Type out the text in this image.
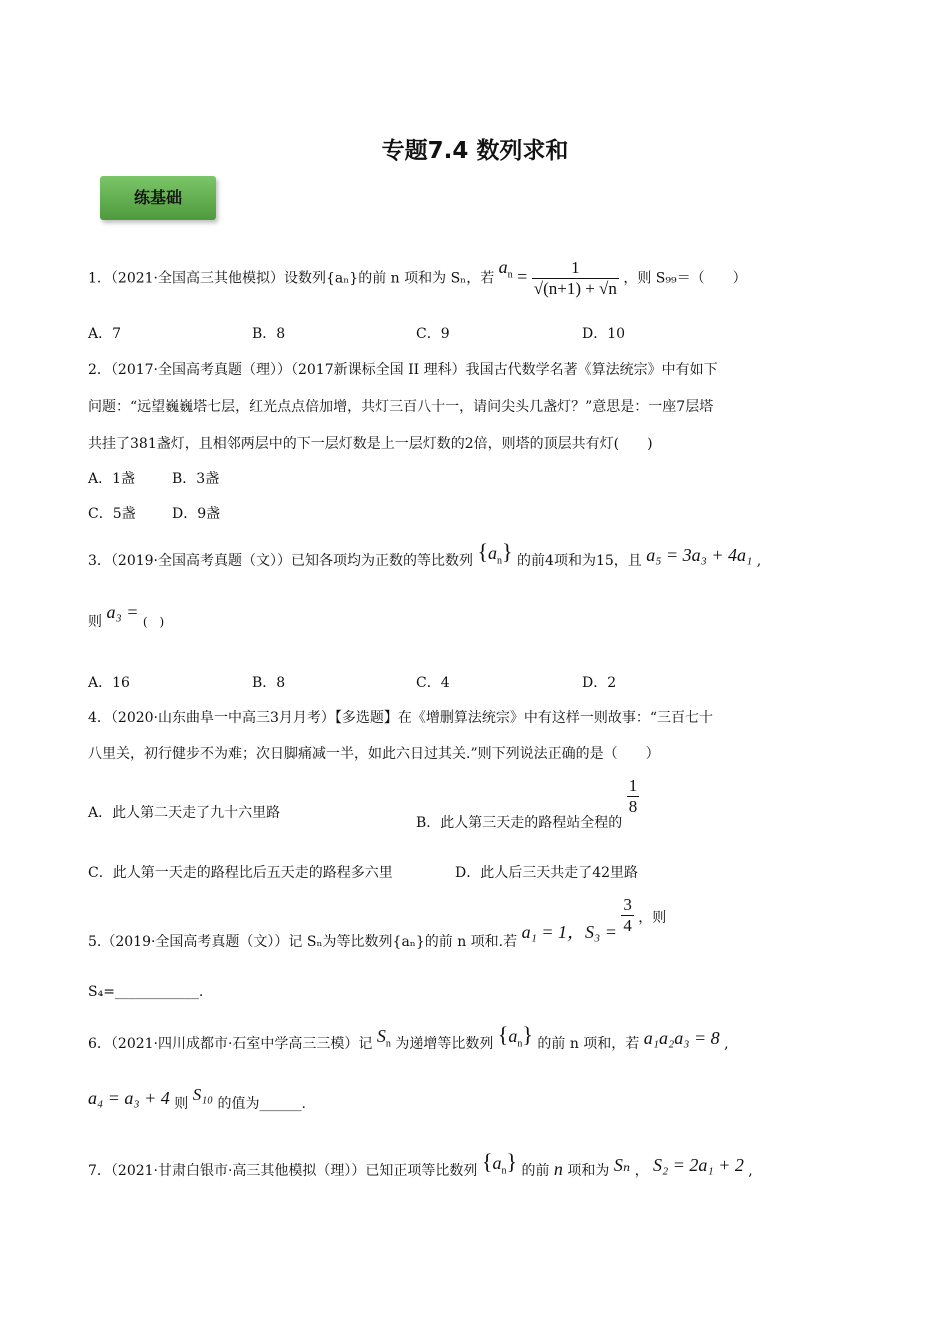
专题7.4 数列求和
练基础
1．（2021·全国高三其他模拟）设数列{aₙ}的前 n 项和为 Sₙ，若 $a_n = \frac{1}{√(n+1) + √n}$ ，则 S₉₉＝（　　）
A．7	B．8	C．9	D．10
2．（2017·全国高考真题（理））（2017新课标全国 II 理科）我国古代数学名著《算法统宗》中有如下
问题：“远望巍巍塔七层，红光点点倍加增，共灯三百八十一，请问尖头几盏灯？”意思是：一座7层塔
共挂了381盏灯，且相邻两层中的下一层灯数是上一层灯数的2倍，则塔的顶层共有灯(　　)
A．1盏	B．3盏
C．5盏	D．9盏
3．（2019·全国高考真题（文））已知各项均为正数的等比数列 $\{a_n\}$ 的前4项和为15，且 a₅ = 3a₃ + 4a₁ ,
则 a₃ = (　)
A．16	B．8	C．4	D．2
4．（2020·山东曲阜一中高三3月月考）【多选题】在《增删算法统宗》中有这样一则故事：“三百七十
八里关，初行健步不为难；次日脚痛减一半，如此六日过其关.”则下列说法正确的是（　　）
A．此人第二天走了九十六里路
B．此人第三天走的路程站全程的
$\frac{1}{8}$
C．此人第一天走的路程比后五天走的路程多六里	D．此人后三天共走了42里路
5.（2019·全国高考真题（文））记 Sₙ为等比数列{aₙ}的前 n 项和.若 a₁ = 1，$S_3 = \frac{3}{4}$ ，则
S₄=____________.
6．（2021·四川成都市·石室中学高三三模）记 $S_n$ 为递增等比数列 $\{a_n\}$ 的前 n 项和，若 a₁a₂a₃ = 8 ,
a₄ = a₃ + 4 则 S₁₀ 的值为______.
7．（2021·甘肃白银市·高三其他模拟（理））已知正项等比数列 $\{a_n\}$ 的前 n 项和为 Sₙ ， S₂ = 2a₁ + 2 ,
